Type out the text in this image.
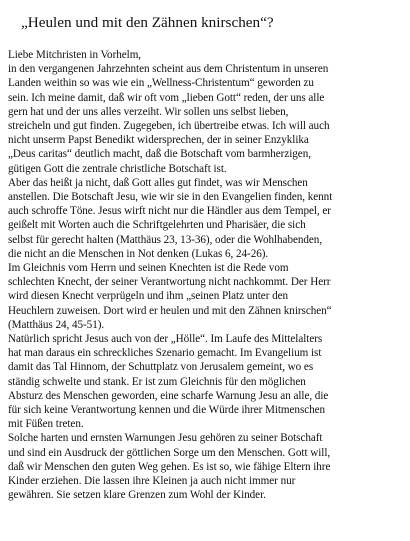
„Heulen und mit den Zähnen knirschen“?
Liebe Mitchristen in Vorhelm,
in den vergangenen Jahrzehnten scheint aus dem Christentum in unseren
Landen weithin so was wie ein „Wellness-Christentum“ geworden zu
sein. Ich meine damit, daß wir oft vom „lieben Gott“ reden, der uns alle
gern hat und der uns alles verzeiht. Wir sollen uns selbst lieben,
streicheln und gut finden. Zugegeben, ich übertreibe etwas. Ich will auch
nicht unserm Papst Benedikt widersprechen, der in seiner Enzyklika
„Deus caritas“ deutlich macht, daß die Botschaft vom barmherzigen,
gütigen Gott die zentrale christliche Botschaft ist.
Aber das heißt ja nicht, daß Gott alles gut findet, was wir Menschen
anstellen. Die Botschaft Jesu, wie wir sie in den Evangelien finden, kennt
auch schroffe Töne. Jesus wirft nicht nur die Händler aus dem Tempel, er
geißelt mit Worten auch die Schriftgelehrten und Pharisäer, die sich
selbst für gerecht halten (Matthäus 23, 13-36), oder die Wohlhabenden,
die nicht an die Menschen in Not denken (Lukas 6, 24-26).
Im Gleichnis vom Herrn und seinen Knechten ist die Rede vom
schlechten Knecht, der seiner Verantwortung nicht nachkommt. Der Herr
wird diesen Knecht verprügeln und ihm „seinen Platz unter den
Heuchlern zuweisen. Dort wird er heulen und mit den Zähnen knirschen“
(Matthäus 24, 45-51).
Natürlich spricht Jesus auch von der „Hölle“. Im Laufe des Mittelalters
hat man daraus ein schreckliches Szenario gemacht. Im Evangelium ist
damit das Tal Hinnom, der Schuttplatz von Jerusalem gemeint, wo es
ständig schwelte und stank. Er ist zum Gleichnis für den möglichen
Absturz des Menschen geworden, eine scharfe Warnung Jesu an alle, die
für sich keine Verantwortung kennen und die Würde ihrer Mitmenschen
mit Füßen treten.
Solche harten und ernsten Warnungen Jesu gehören zu seiner Botschaft
und sind ein Ausdruck der göttlichen Sorge um den Menschen. Gott will,
daß wir Menschen den guten Weg gehen. Es ist so, wie fähige Eltern ihre
Kinder erziehen. Die lassen ihre Kleinen ja auch nicht immer nur
gewähren. Sie setzen klare Grenzen zum Wohl der Kinder.
